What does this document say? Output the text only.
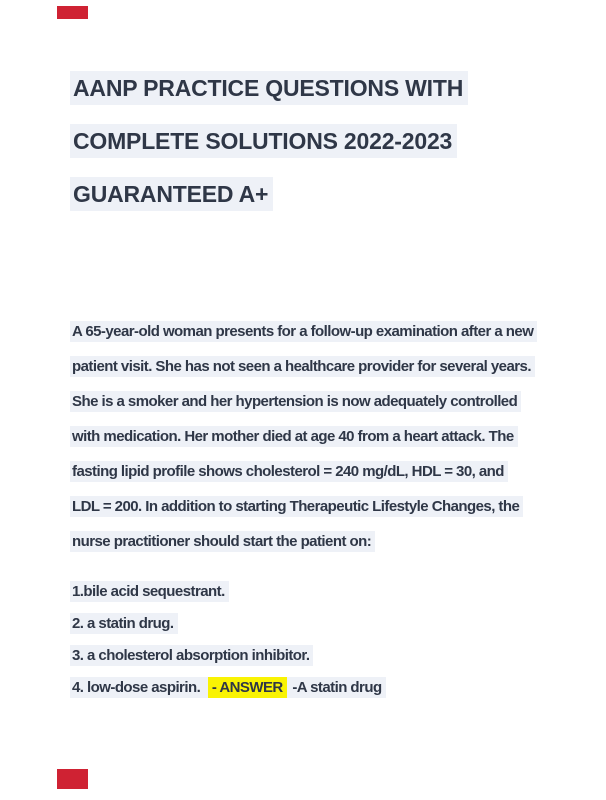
AANP PRACTICE QUESTIONS WITH
COMPLETE SOLUTIONS 2022-2023
GUARANTEED A+
A 65-year-old woman presents for a follow-up examination after a new
patient visit. She has not seen a healthcare provider for several years.
She is a smoker and her hypertension is now adequately controlled
with medication. Her mother died at age 40 from a heart attack. The
fasting lipid profile shows cholesterol = 240 mg/dL, HDL = 30, and
LDL = 200. In addition to starting Therapeutic Lifestyle Changes, the
nurse practitioner should start the patient on:
1.bile acid sequestrant.
2. a statin drug.
3. a cholesterol absorption inhibitor.
4. low-dose aspirin. - ANSWER -A statin drug
